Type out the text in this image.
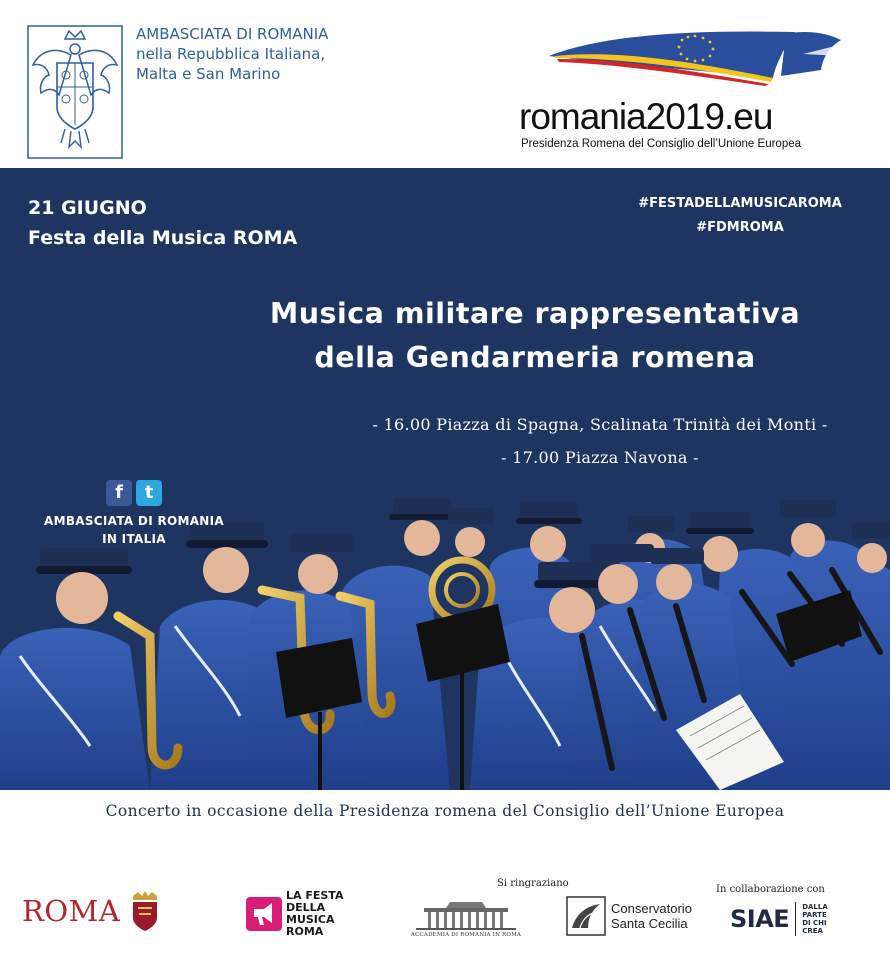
AMBASCIATA DI ROMANIA
nella Repubblica Italiana,
Malta e San Marino
romania2019.eu
Presidenza Romena del Consiglio dell’Unione Europea
21 GIUGNO
Festa della Musica ROMA
#FESTADELLAMUSICAROMA
#FDMROMA
Musica militare rappresentativa
della Gendarmeria romena
- 16.00 Piazza di Spagna, Scalinata Trinità dei Monti -
- 17.00 Piazza Navona -
f	t
AMBASCIATA DI ROMANIA
IN ITALIA
Concerto in occasione della Presidenza romena del Consiglio dell’Unione Europea
ROMA	LA FESTA DELLA
MUSICA ROMA
Si ringraziano
ACCADEMIA DI ROMANIA IN ROMA
Conservatorio
Santa Cecilia
In collaborazione con
SIAE DALLA
PARTE
DI CHI
CREA
